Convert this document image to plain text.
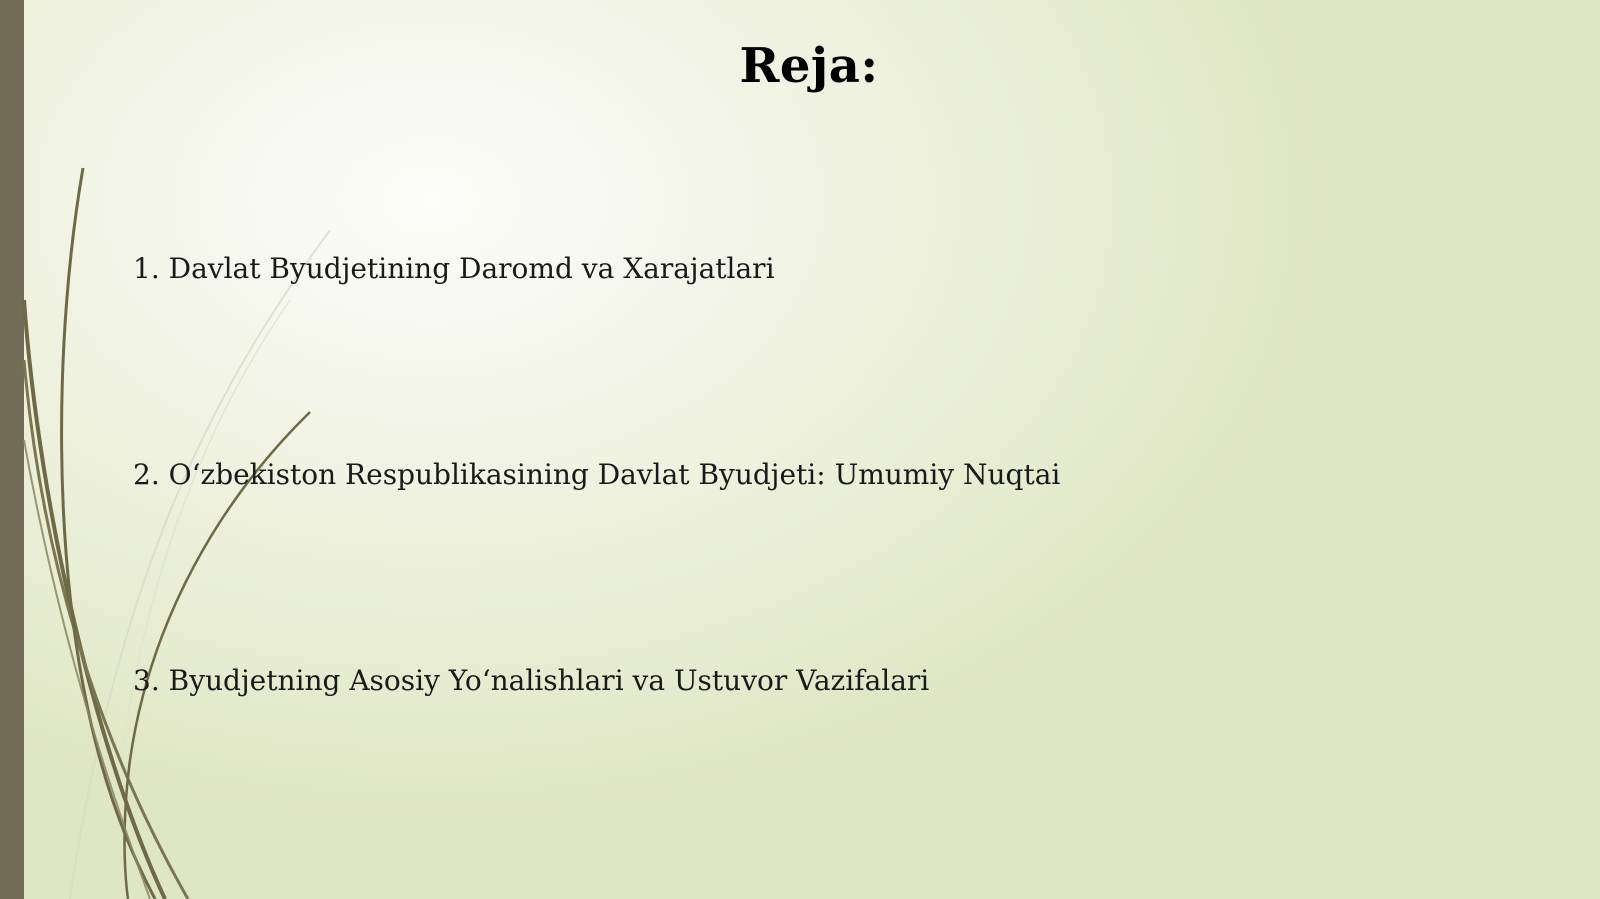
Reja:
1. Davlat Byudjetining Daromd va Xarajatlari
2. O‘zbekiston Respublikasining Davlat Byudjeti: Umumiy Nuqtai
3. Byudjetning Asosiy Yo‘nalishlari va Ustuvor Vazifalari
